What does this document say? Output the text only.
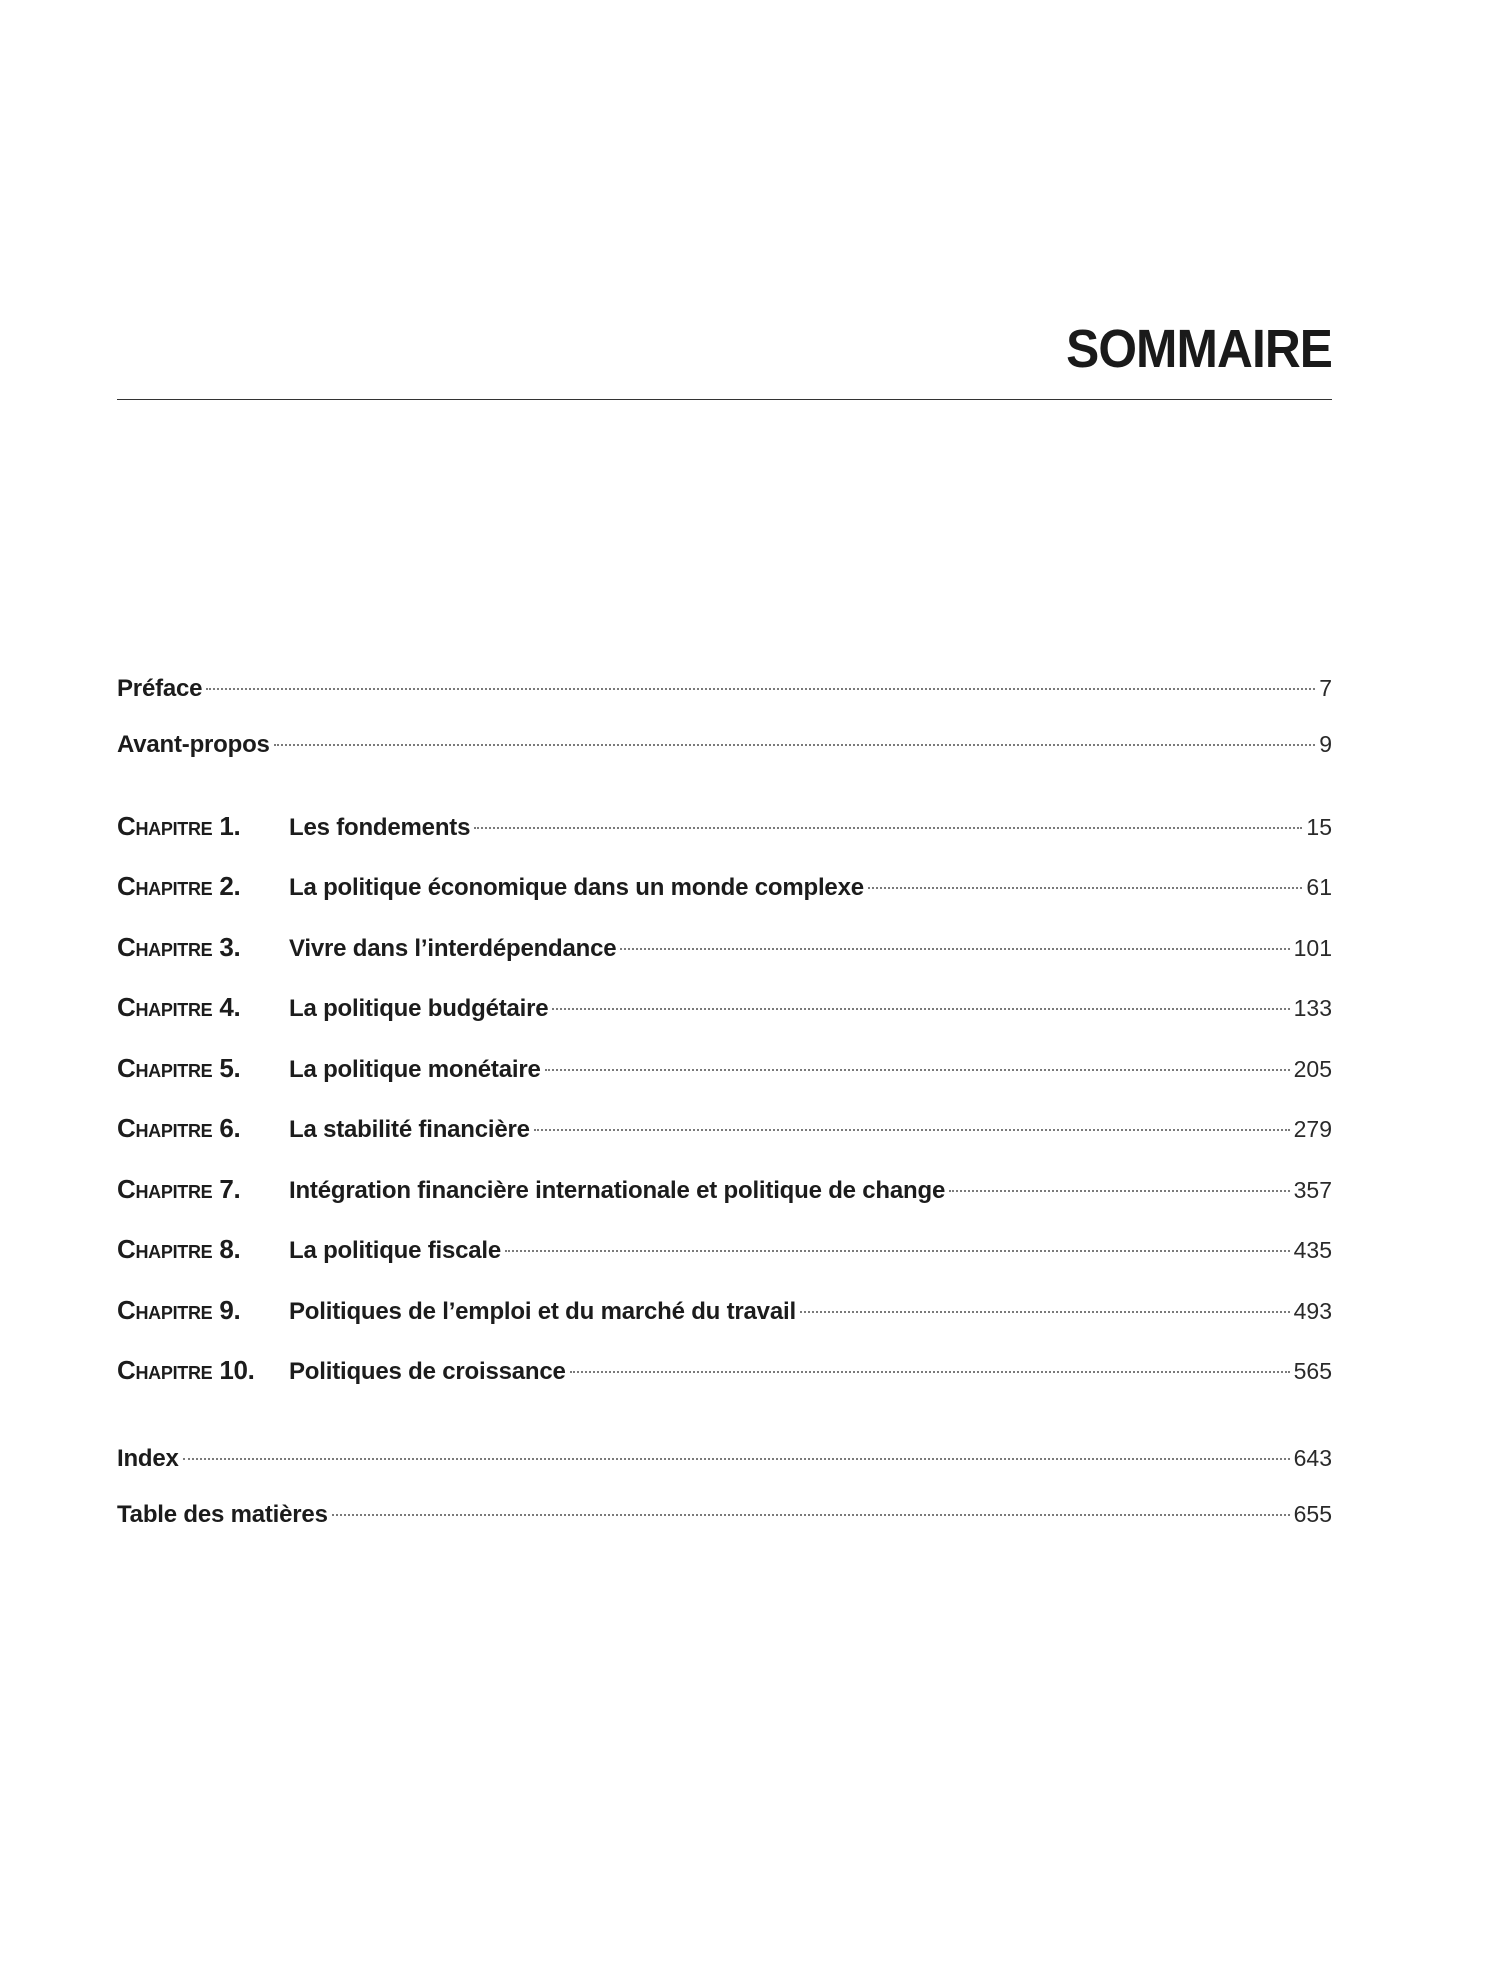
SOMMAIRE
Préface	7
Avant-propos	9
CHAPITRE 1.	Les fondements	15
CHAPITRE 2.	La politique économique dans un monde complexe	61
CHAPITRE 3.	Vivre dans l’interdépendance	101
CHAPITRE 4.	La politique budgétaire	133
CHAPITRE 5.	La politique monétaire	205
CHAPITRE 6.	La stabilité financière	279
CHAPITRE 7.	Intégration financière internationale et politique de change	357
CHAPITRE 8.	La politique fiscale	435
CHAPITRE 9.	Politiques de l’emploi et du marché du travail	493
CHAPITRE 10.	Politiques de croissance	565
Index	643
Table des matières	655
